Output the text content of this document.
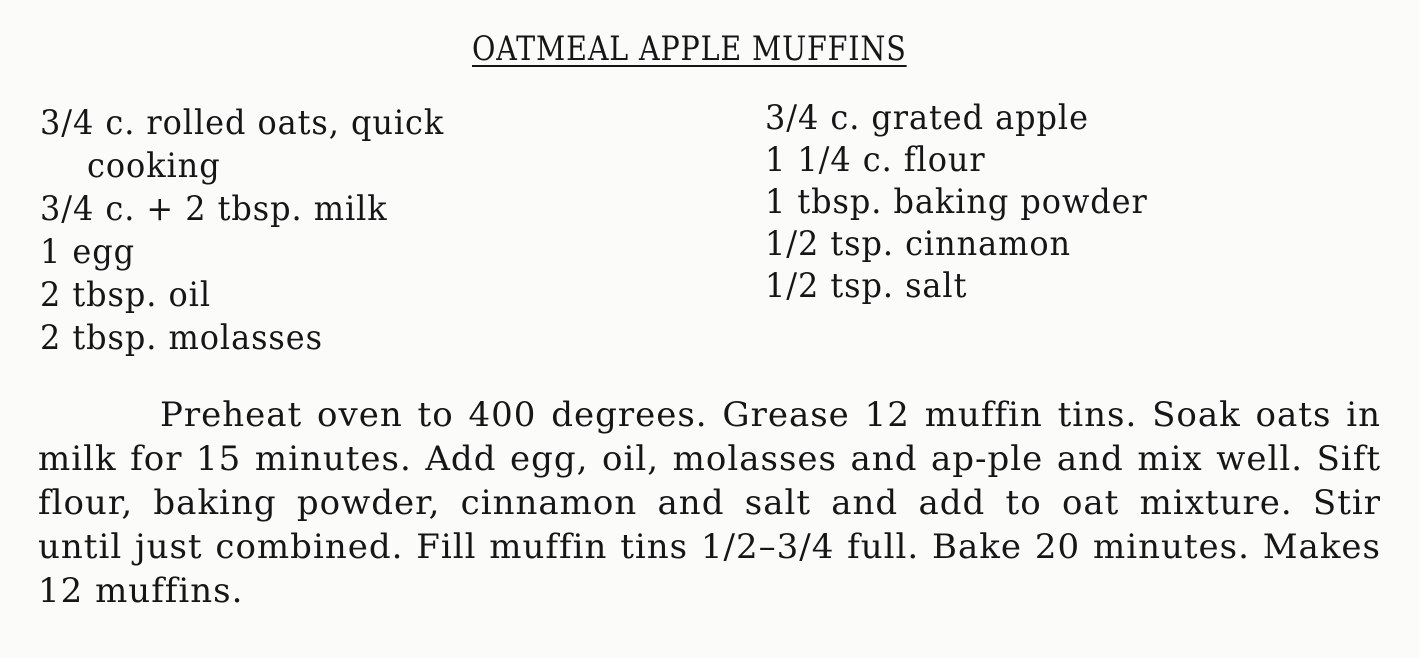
OATMEAL APPLE MUFFINS
3/4 c. rolled oats, quick
cooking
3/4 c. + 2 tbsp. milk
1 egg
2 tbsp. oil
2 tbsp. molasses
3/4 c. grated apple
1 1/4 c. flour
1 tbsp. baking powder
1/2 tsp. cinnamon
1/2 tsp. salt

Preheat oven to 400 degrees. Grease 12 muffin tins. Soak oats in milk for 15 minutes. Add egg, oil, molasses and ap-ple and mix well. Sift flour, baking powder, cinnamon and salt and add to oat mixture. Stir until just combined. Fill muffin tins 1/2–3/4 full. Bake 20 minutes. Makes 12 muffins.
